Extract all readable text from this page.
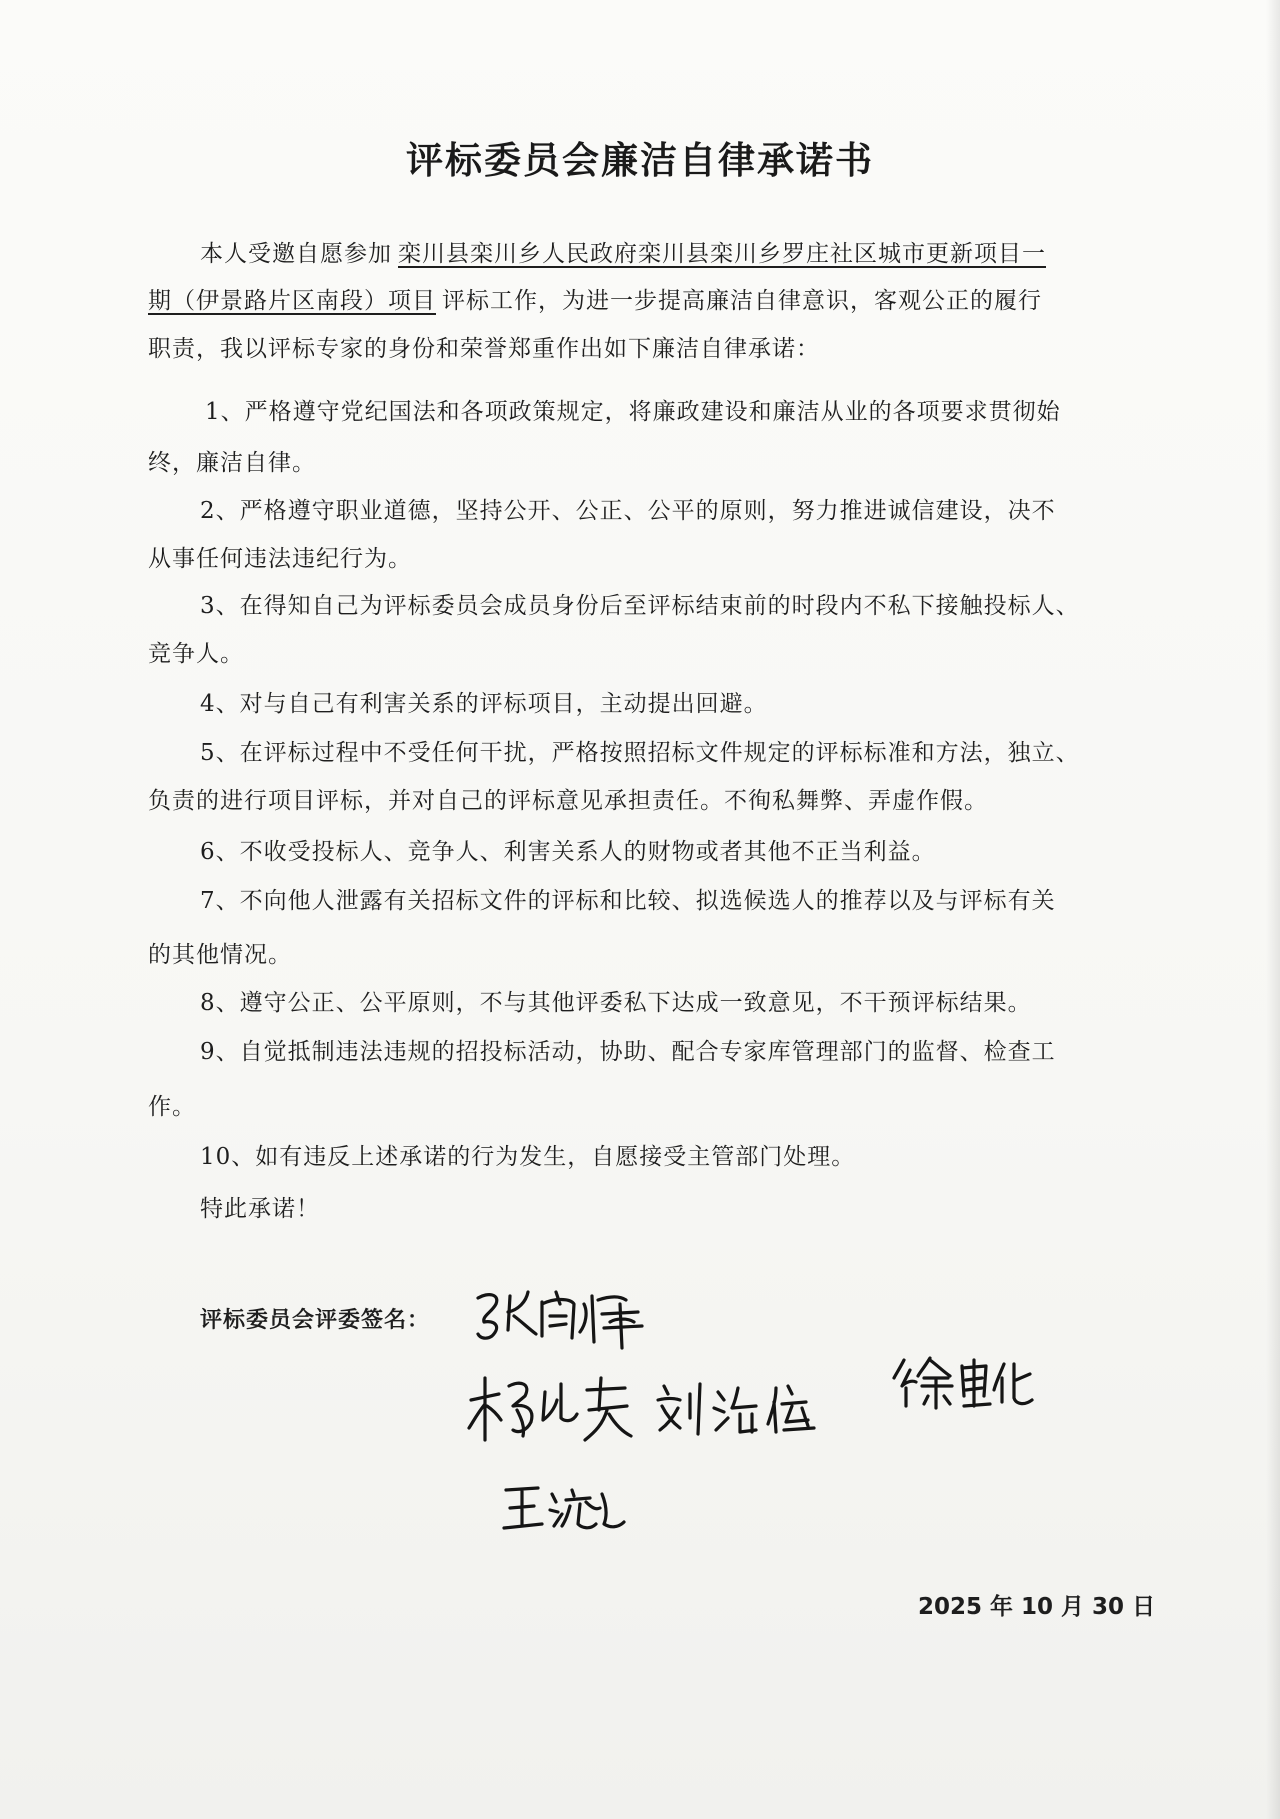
评标委员会廉洁自律承诺书
本人受邀自愿参加 栾川县栾川乡人民政府栾川县栾川乡罗庄社区城市更新项目一
期（伊景路片区南段）项目 评标工作，为进一步提高廉洁自律意识，客观公正的履行
职责，我以评标专家的身份和荣誉郑重作出如下廉洁自律承诺：
1、严格遵守党纪国法和各项政策规定，将廉政建设和廉洁从业的各项要求贯彻始
终，廉洁自律。
2、严格遵守职业道德，坚持公开、公正、公平的原则，努力推进诚信建设，决不
从事任何违法违纪行为。
3、在得知自己为评标委员会成员身份后至评标结束前的时段内不私下接触投标人、
竞争人。
4、对与自己有利害关系的评标项目，主动提出回避。
5、在评标过程中不受任何干扰，严格按照招标文件规定的评标标准和方法，独立、
负责的进行项目评标，并对自己的评标意见承担责任。不徇私舞弊、弄虚作假。
6、不收受投标人、竞争人、利害关系人的财物或者其他不正当利益。
7、不向他人泄露有关招标文件的评标和比较、拟选候选人的推荐以及与评标有关
的其他情况。
8、遵守公正、公平原则，不与其他评委私下达成一致意见，不干预评标结果。
9、自觉抵制违法违规的招投标活动，协助、配合专家库管理部门的监督、检查工
作。
10、如有违反上述承诺的行为发生，自愿接受主管部门处理。
特此承诺！
评标委员会评委签名：
2025 年 10 月 30 日
